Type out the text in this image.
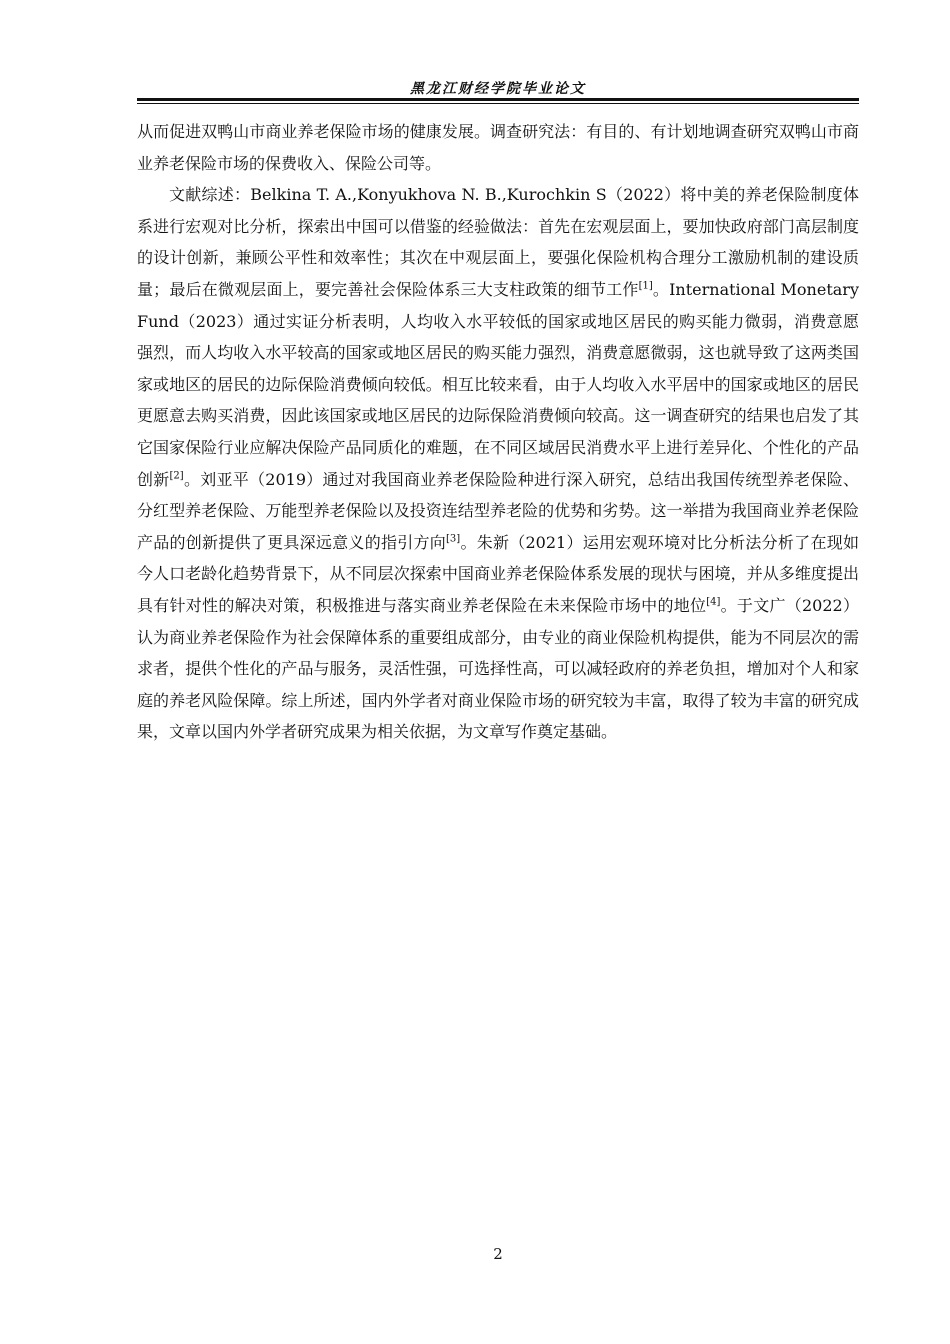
黑龙江财经学院毕业论文

从而促进双鸭山市商业养老保险市场的健康发展。调查研究法：有目的、有计划地调查研究双鸭山市商业养老保险市场的保费收入、保险公司等。

文献综述：Belkina T. A.,Konyukhova N. B.,Kurochkin S（2022）将中美的养老保险制度体系进行宏观对比分析，探索出中国可以借鉴的经验做法：首先在宏观层面上，要加快政府部门高层制度的设计创新，兼顾公平性和效率性；其次在中观层面上，要强化保险机构合理分工激励机制的建设质量；最后在微观层面上，要完善社会保险体系三大支柱政策的细节工作[1]。International Monetary Fund（2023）通过实证分析表明，人均收入水平较低的国家或地区居民的购买能力微弱，消费意愿强烈，而人均收入水平较高的国家或地区居民的购买能力强烈，消费意愿微弱，这也就导致了这两类国家或地区的居民的边际保险消费倾向较低。相互比较来看，由于人均收入水平居中的国家或地区的居民更愿意去购买消费，因此该国家或地区居民的边际保险消费倾向较高。这一调查研究的结果也启发了其它国家保险行业应解决保险产品同质化的难题，在不同区域居民消费水平上进行差异化、个性化的产品创新[2]。刘亚平（2019）通过对我国商业养老保险险种进行深入研究，总结出我国传统型养老保险、分红型养老保险、万能型养老保险以及投资连结型养老险的优势和劣势。这一举措为我国商业养老保险产品的创新提供了更具深远意义的指引方向[3]。朱新（2021）运用宏观环境对比分析法分析了在现如今人口老龄化趋势背景下，从不同层次探索中国商业养老保险体系发展的现状与困境，并从多维度提出具有针对性的解决对策，积极推进与落实商业养老保险在未来保险市场中的地位[4]。于文广（2022）认为商业养老保险作为社会保障体系的重要组成部分，由专业的商业保险机构提供，能为不同层次的需求者，提供个性化的产品与服务，灵活性强，可选择性高，可以减轻政府的养老负担，增加对个人和家庭的养老风险保障。综上所述，国内外学者对商业保险市场的研究较为丰富，取得了较为丰富的研究成果，文章以国内外学者研究成果为相关依据，为文章写作奠定基础。

2
